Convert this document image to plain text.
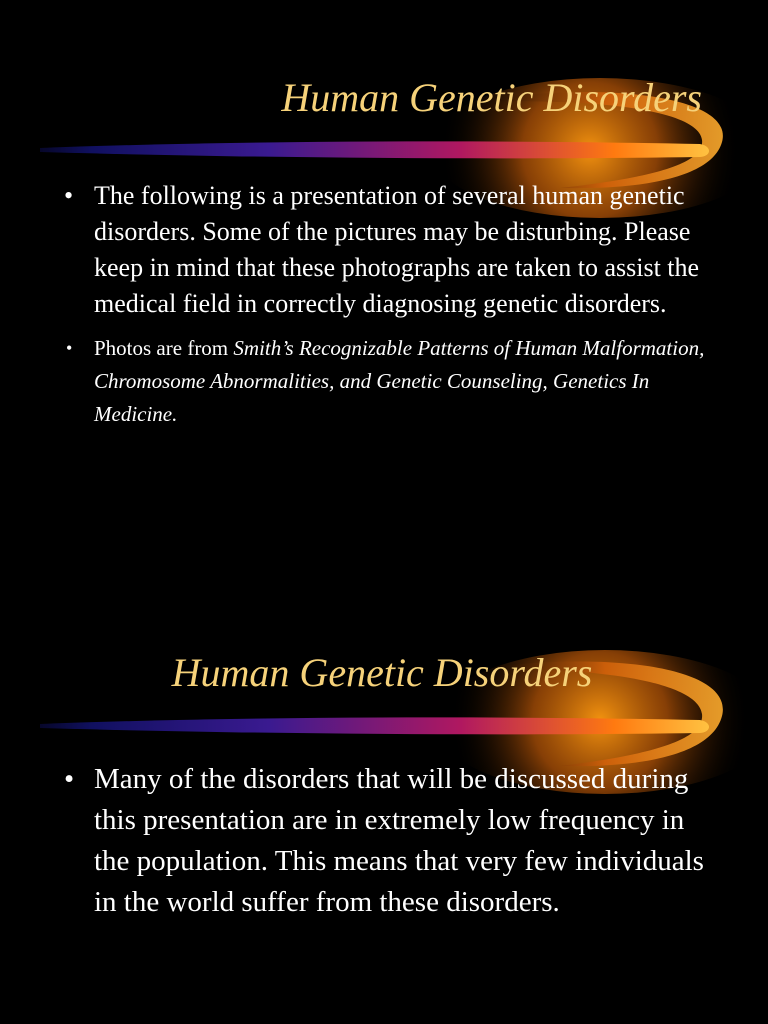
Human Genetic Disorders
• The following is a presentation of several human genetic disorders. Some of the pictures may be disturbing. Please keep in mind that these photographs are taken to assist the medical field in correctly diagnosing genetic disorders.
• Photos are from Smith’s Recognizable Patterns of Human Malformation, Chromosome Abnormalities, and Genetic Counseling, Genetics In Medicine.
Human Genetic Disorders
• Many of the disorders that will be discussed during this presentation are in extremely low frequency in the population. This means that very few individuals in the world suffer from these disorders.
